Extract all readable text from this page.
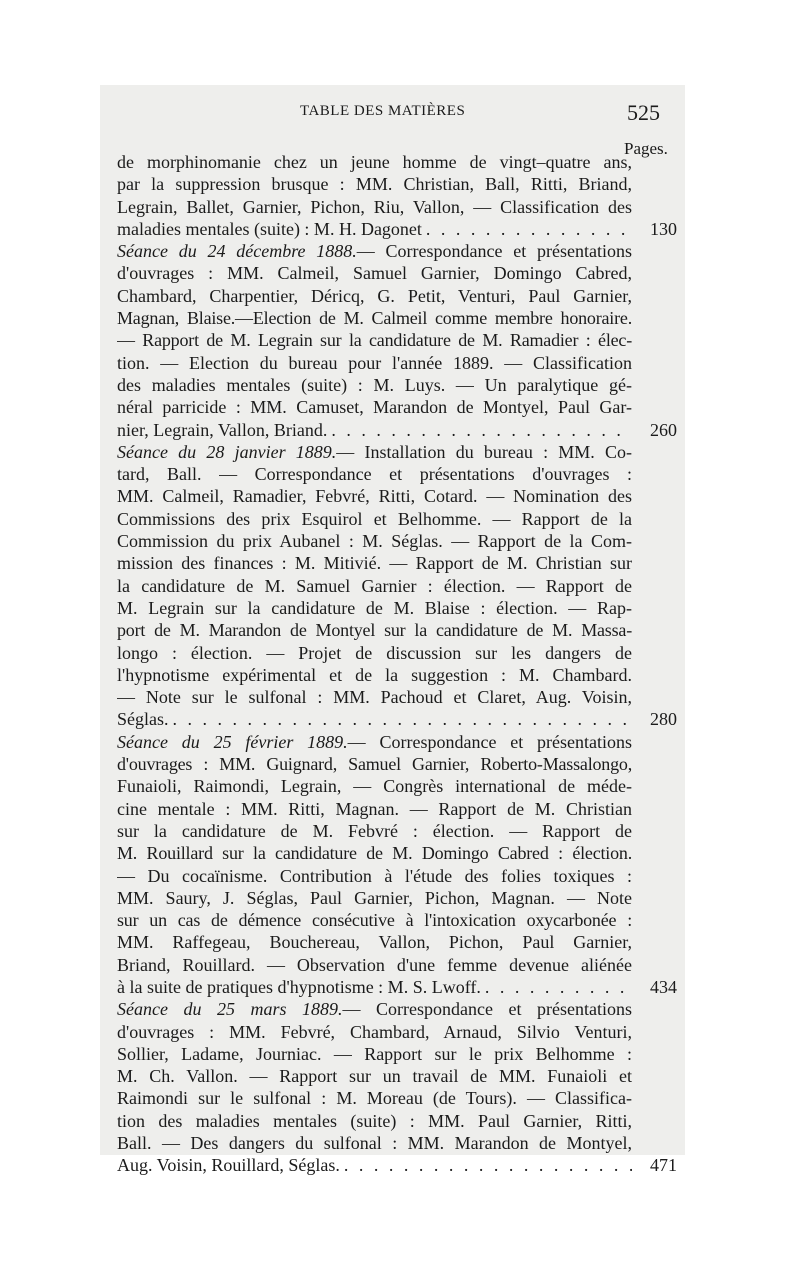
TABLE DES MATIÈRES	525
Pages.
de morphinomanie chez un jeune homme de vingt–quatre ans,
par la suppression brusque : MM. Christian, Ball, Ritti, Briand,
Legrain, Ballet, Garnier, Pichon, Riu, Vallon, — Classification des
maladies mentales (suite) : M. H. Dagonet . . .	130
Séance du 24 décembre 1888.— Correspondance et présentations
d'ouvrages : MM. Calmeil, Samuel Garnier, Domingo Cabred,
Chambard, Charpentier, Déricq, G. Petit, Venturi, Paul Garnier,
Magnan, Blaise.—Election de M. Calmeil comme membre honoraire.
— Rapport de M. Legrain sur la candidature de M. Ramadier : élec-
tion. — Election du bureau pour l'année 1889. — Classification
des maladies mentales (suite) : M. Luys. — Un paralytique gé-
néral parricide : MM. Camuset, Marandon de Montyel, Paul Gar-
nier, Legrain, Vallon, Briand. . . .	260
Séance du 28 janvier 1889.— Installation du bureau : MM. Co-
tard, Ball. — Correspondance et présentations d'ouvrages :
MM. Calmeil, Ramadier, Febvré, Ritti, Cotard. — Nomination des
Commissions des prix Esquirol et Belhomme. — Rapport de la
Commission du prix Aubanel : M. Séglas. — Rapport de la Com-
mission des finances : M. Mitivié. — Rapport de M. Christian sur
la candidature de M. Samuel Garnier : élection. — Rapport de
M. Legrain sur la candidature de M. Blaise : élection. — Rap-
port de M. Marandon de Montyel sur la candidature de M. Massa-
longo : élection. — Projet de discussion sur les dangers de
l'hypnotisme expérimental et de la suggestion : M. Chambard.
— Note sur le sulfonal : MM. Pachoud et Claret, Aug. Voisin,
Séglas. . . .	280
Séance du 25 février 1889.— Correspondance et présentations
d'ouvrages : MM. Guignard, Samuel Garnier, Roberto-Massalongo,
Funaioli, Raimondi, Legrain, — Congrès international de méde-
cine mentale : MM. Ritti, Magnan. — Rapport de M. Christian
sur la candidature de M. Febvré : élection. — Rapport de
M. Rouillard sur la candidature de M. Domingo Cabred : élection.
— Du cocaïnisme. Contribution à l'étude des folies toxiques :
MM. Saury, J. Séglas, Paul Garnier, Pichon, Magnan. — Note
sur un cas de démence consécutive à l'intoxication oxycarbonée :
MM. Raffegeau, Bouchereau, Vallon, Pichon, Paul Garnier,
Briand, Rouillard. — Observation d'une femme devenue aliénée
à la suite de pratiques d'hypnotisme : M. S. Lwoff. . . .	434
Séance du 25 mars 1889.— Correspondance et présentations
d'ouvrages : MM. Febvré, Chambard, Arnaud, Silvio Venturi,
Sollier, Ladame, Journiac. — Rapport sur le prix Belhomme :
M. Ch. Vallon. — Rapport sur un travail de MM. Funaioli et
Raimondi sur le sulfonal : M. Moreau (de Tours). — Classifica-
tion des maladies mentales (suite) : MM. Paul Garnier, Ritti,
Ball. — Des dangers du sulfonal : MM. Marandon de Montyel,
Aug. Voisin, Rouillard, Séglas. . . .	471
